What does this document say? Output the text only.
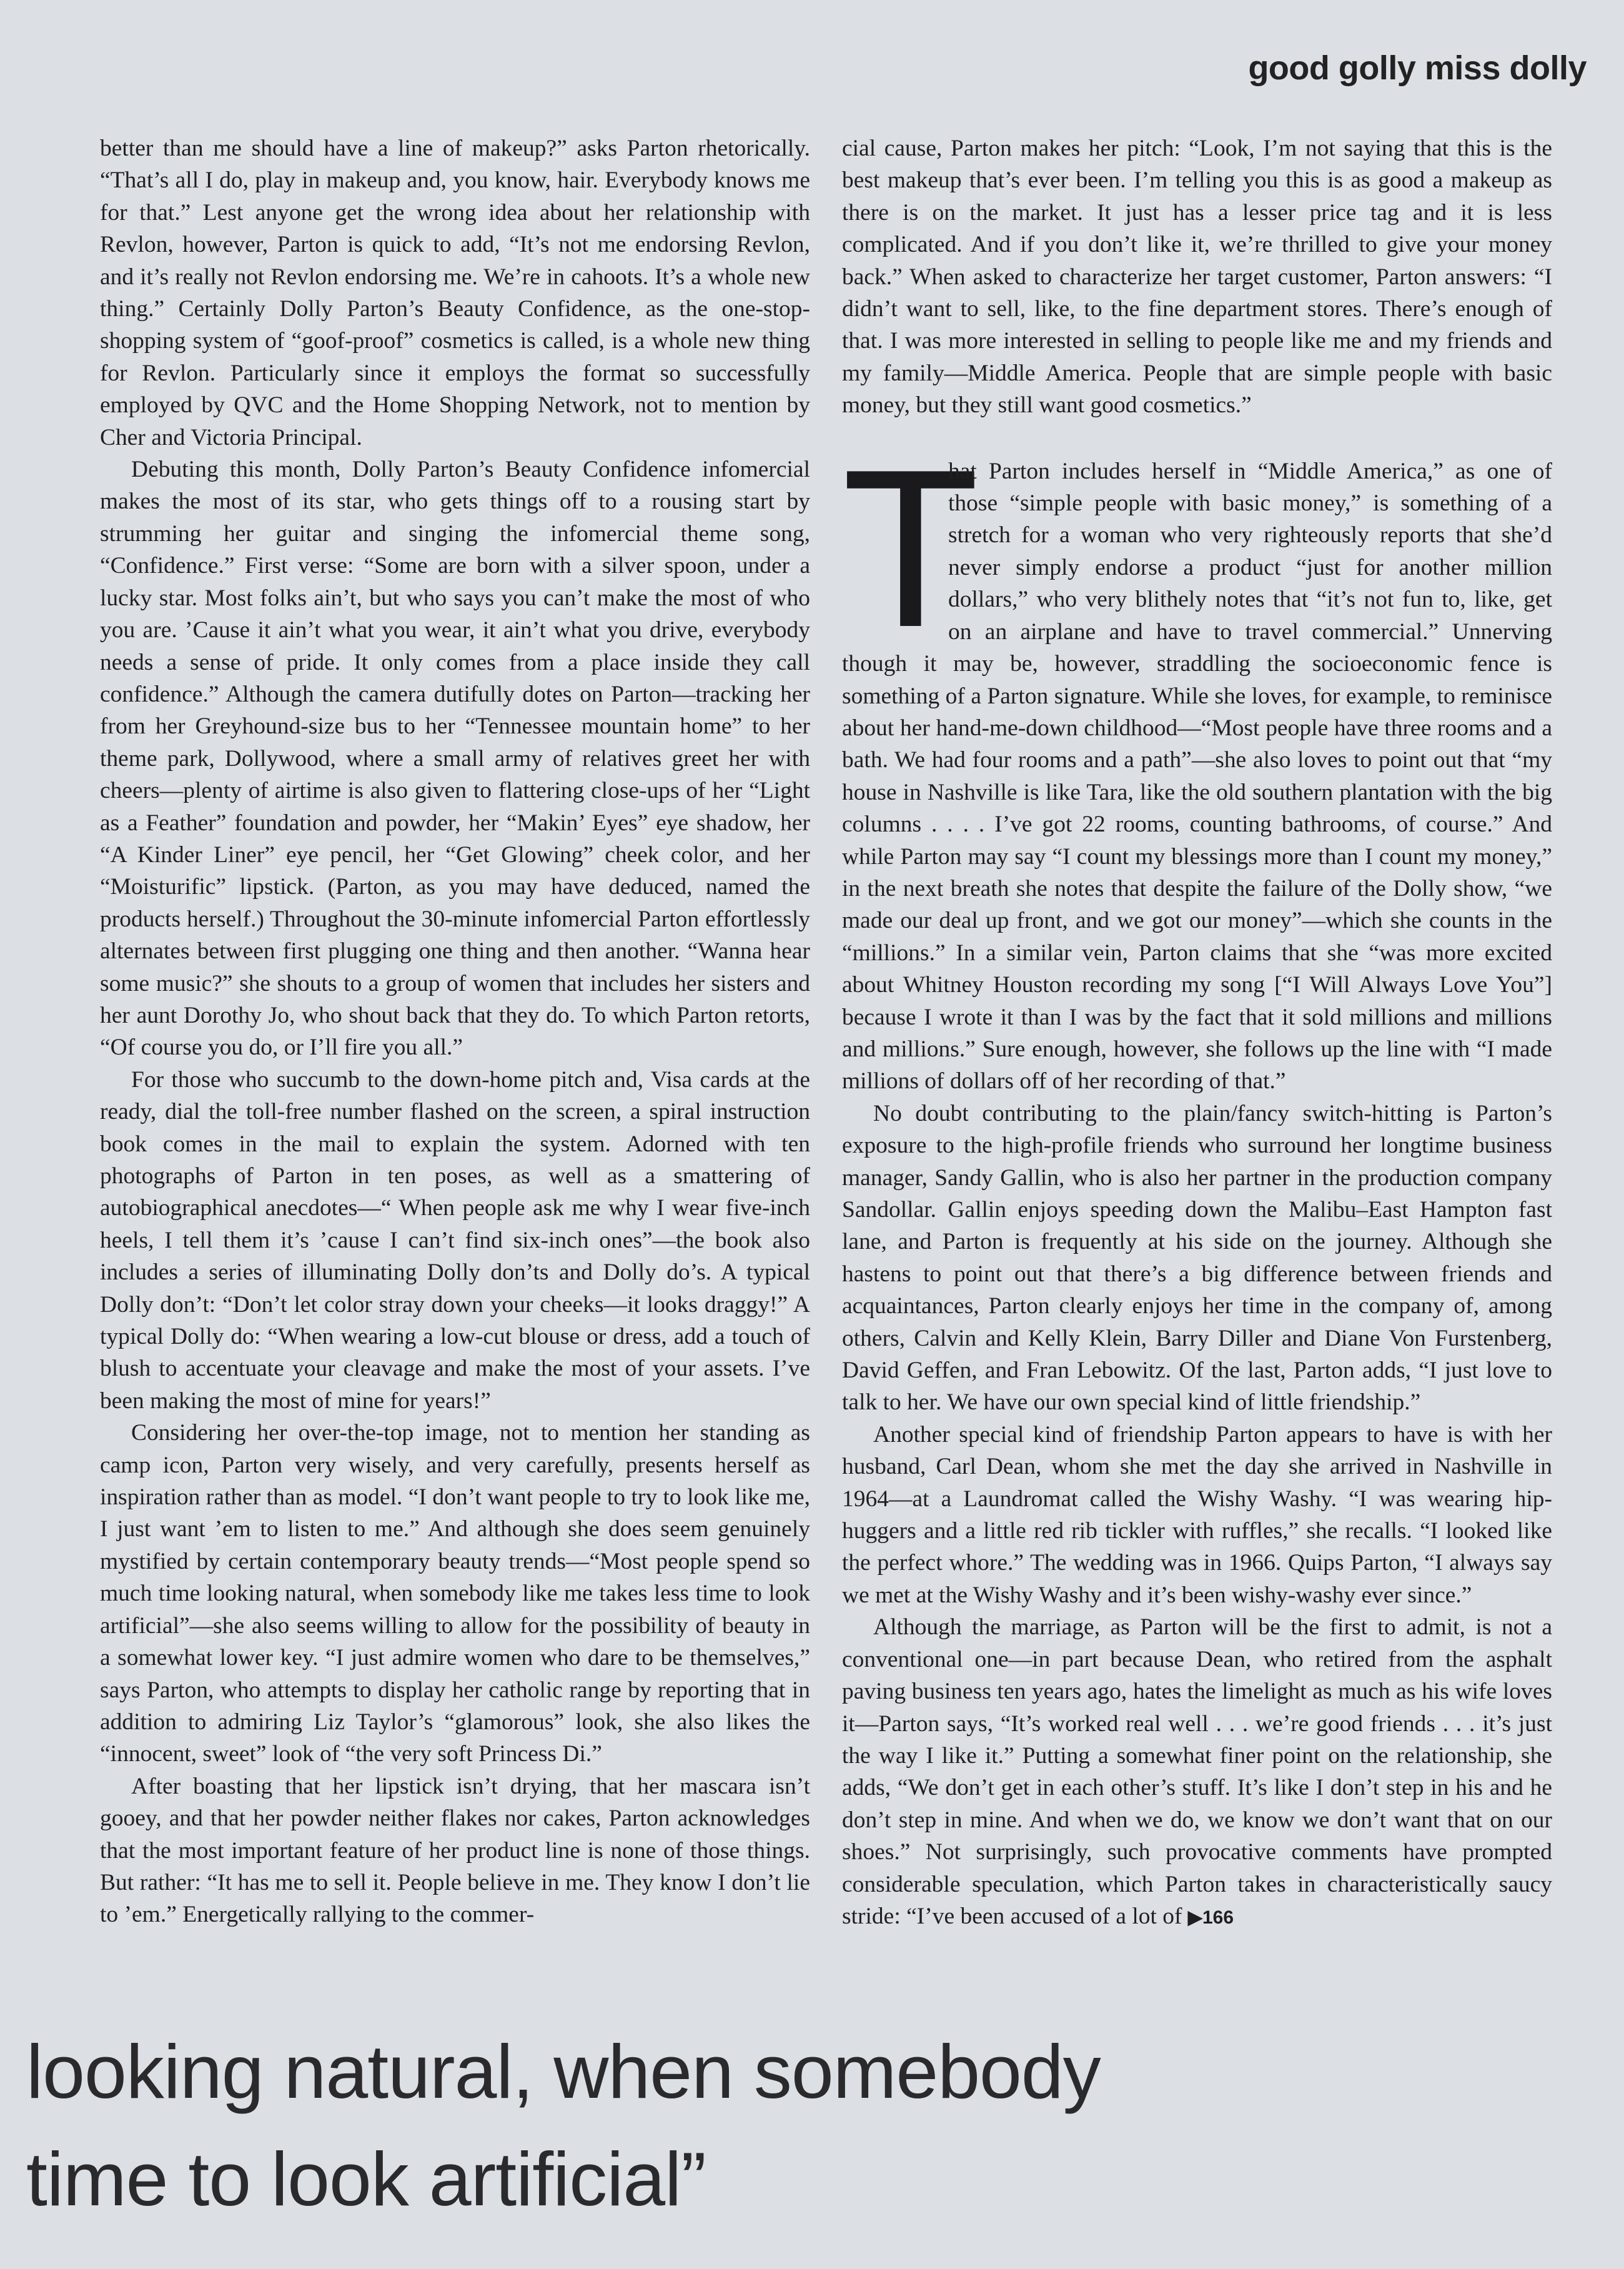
good golly miss dolly

better than me should have a line of makeup?” asks Parton rhetorically. “That’s all I do, play in makeup and, you know, hair. Everybody knows me for that.” Lest anyone get the wrong idea about her relationship with Revlon, however, Parton is quick to add, “It’s not me endorsing Revlon, and it’s really not Revlon endorsing me. We’re in cahoots. It’s a whole new thing.” Certainly Dolly Parton’s Beauty Confidence, as the one-stop-shopping system of “goof-proof” cosmetics is called, is a whole new thing for Revlon. Particularly since it employs the format so successfully employed by QVC and the Home Shopping Network, not to mention by Cher and Victoria Principal.

Debuting this month, Dolly Parton’s Beauty Confidence infomercial makes the most of its star, who gets things off to a rousing start by strumming her guitar and singing the infomercial theme song, “Confidence.” First verse: “Some are born with a silver spoon, under a lucky star. Most folks ain’t, but who says you can’t make the most of who you are. ’Cause it ain’t what you wear, it ain’t what you drive, everybody needs a sense of pride. It only comes from a place inside they call confidence.” Although the camera dutifully dotes on Parton—tracking her from her Greyhound-size bus to her “Tennessee mountain home” to her theme park, Dollywood, where a small army of relatives greet her with cheers—plenty of airtime is also given to flattering close-ups of her “Light as a Feather” foundation and powder, her “Makin’ Eyes” eye shadow, her “A Kinder Liner” eye pencil, her “Get Glowing” cheek color, and her “Moisturific” lipstick. (Parton, as you may have deduced, named the products herself.) Throughout the 30-minute infomercial Parton effortlessly alternates between first plugging one thing and then another. “Wanna hear some music?” she shouts to a group of women that includes her sisters and her aunt Dorothy Jo, who shout back that they do. To which Parton retorts, “Of course you do, or I’ll fire you all.”

For those who succumb to the down-home pitch and, Visa cards at the ready, dial the toll-free number flashed on the screen, a spiral instruction book comes in the mail to explain the system. Adorned with ten photographs of Parton in ten poses, as well as a smattering of autobiographical anecdotes—“ When people ask me why I wear five-inch heels, I tell them it’s ’cause I can’t find six-inch ones”—the book also includes a series of illuminating Dolly don’ts and Dolly do’s. A typical Dolly don’t: “Don’t let color stray down your cheeks—it looks draggy!” A typical Dolly do: “When wearing a low-cut blouse or dress, add a touch of blush to accentuate your cleavage and make the most of your assets. I’ve been making the most of mine for years!”

Considering her over-the-top image, not to mention her standing as camp icon, Parton very wisely, and very carefully, presents herself as inspiration rather than as model. “I don’t want people to try to look like me, I just want ’em to listen to me.” And although she does seem genuinely mystified by certain contemporary beauty trends—“Most people spend so much time looking natural, when somebody like me takes less time to look artificial”—she also seems willing to allow for the possibility of beauty in a somewhat lower key. “I just admire women who dare to be themselves,” says Parton, who attempts to display her catholic range by reporting that in addition to admiring Liz Taylor’s “glamorous” look, she also likes the “innocent, sweet” look of “the very soft Princess Di.”

After boasting that her lipstick isn’t drying, that her mascara isn’t gooey, and that her powder neither flakes nor cakes, Parton acknowledges that the most important feature of her product line is none of those things. But rather: “It has me to sell it. People believe in me. They know I don’t lie to ’em.” Energetically rallying to the commer-

cial cause, Parton makes her pitch: “Look, I’m not saying that this is the best makeup that’s ever been. I’m telling you this is as good a makeup as there is on the market. It just has a lesser price tag and it is less complicated. And if you don’t like it, we’re thrilled to give your money back.” When asked to characterize her target customer, Parton answers: “I didn’t want to sell, like, to the fine department stores. There’s enough of that. I was more interested in selling to people like me and my friends and my family—Middle America. People that are simple people with basic money, but they still want good cosmetics.”

T
hat Parton includes herself in “Middle America,” as one of those “simple people with basic money,” is something of a stretch for a woman who very righteously reports that she’d never simply endorse a product “just for another million dollars,” who very blithely notes that “it’s not fun to, like, get on an airplane and have to travel commercial.” Unnerving though it may be, however, straddling the socioeconomic fence is something of a Parton signature. While she loves, for example, to reminisce about her hand-me-down childhood—“Most people have three rooms and a bath. We had four rooms and a path”—she also loves to point out that “my house in Nashville is like Tara, like the old southern plantation with the big columns . . . . I’ve got 22 rooms, counting bathrooms, of course.” And while Parton may say “I count my blessings more than I count my money,” in the next breath she notes that despite the failure of the Dolly show, “we made our deal up front, and we got our money”—which she counts in the “millions.” In a similar vein, Parton claims that she “was more excited about Whitney Houston recording my song [“I Will Always Love You”] because I wrote it than I was by the fact that it sold millions and millions and millions.” Sure enough, however, she follows up the line with “I made millions of dollars off of her recording of that.”

No doubt contributing to the plain/fancy switch-hitting is Parton’s exposure to the high-profile friends who surround her longtime business manager, Sandy Gallin, who is also her partner in the production company Sandollar. Gallin enjoys speeding down the Malibu–East Hampton fast lane, and Parton is frequently at his side on the journey. Although she hastens to point out that there’s a big difference between friends and acquaintances, Parton clearly enjoys her time in the company of, among others, Calvin and Kelly Klein, Barry Diller and Diane Von Furstenberg, David Geffen, and Fran Lebowitz. Of the last, Parton adds, “I just love to talk to her. We have our own special kind of little friendship.”

Another special kind of friendship Parton appears to have is with her husband, Carl Dean, whom she met the day she arrived in Nashville in 1964—at a Laundromat called the Wishy Washy. “I was wearing hip-huggers and a little red rib tickler with ruffles,” she recalls. “I looked like the perfect whore.” The wedding was in 1966. Quips Parton, “I always say we met at the Wishy Washy and it’s been wishy-washy ever since.”

Although the marriage, as Parton will be the first to admit, is not a conventional one—in part because Dean, who retired from the asphalt paving business ten years ago, hates the limelight as much as his wife loves it—Parton says, “It’s worked real well . . . we’re good friends . . . it’s just the way I like it.” Putting a somewhat finer point on the relationship, she adds, “We don’t get in each other’s stuff. It’s like I don’t step in his and he don’t step in mine. And when we do, we know we don’t want that on our shoes.” Not surprisingly, such provocative comments have prompted considerable speculation, which Parton takes in characteristically saucy stride: “I’ve been accused of a lot of ▶166

looking natural, when somebody
time to look artificial”
